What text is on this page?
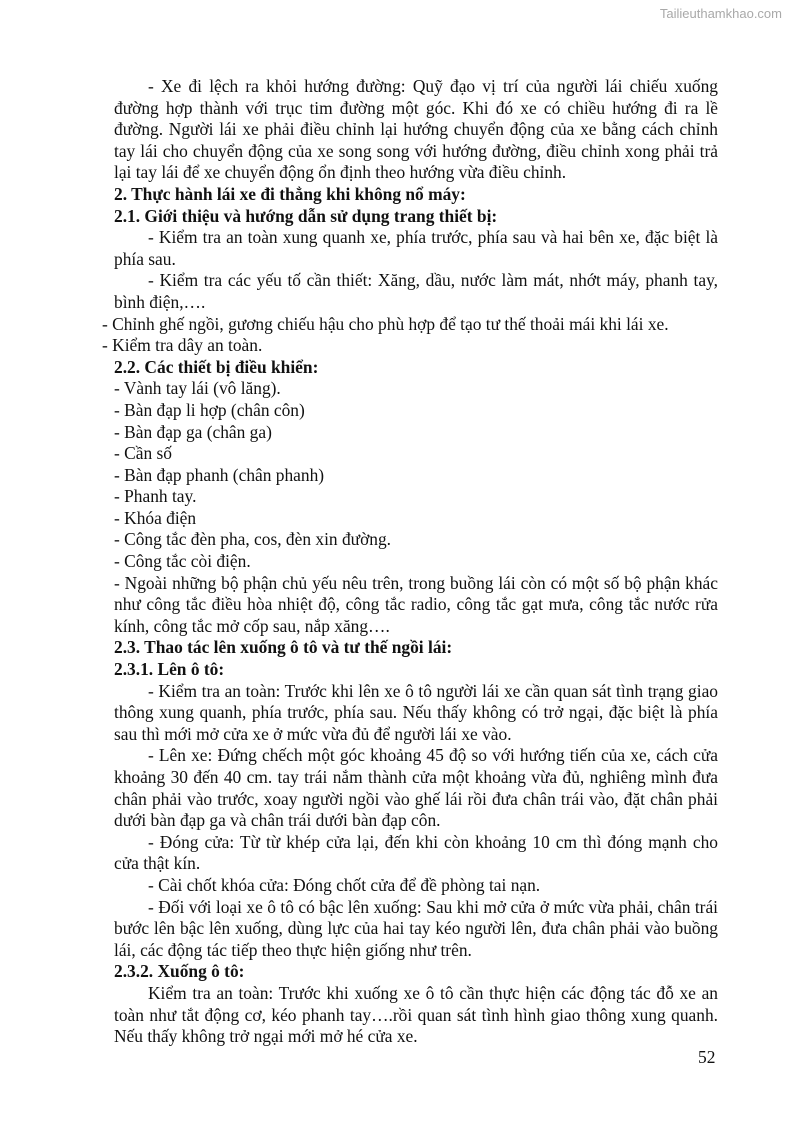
Tailieuthamkhao.com

- Xe đi lệch ra khỏi hướng đường: Quỹ đạo vị trí của người lái chiếu xuống đường hợp thành với trục tim đường một góc. Khi đó xe có chiều hướng đi ra lề đường. Người lái xe phải điều chỉnh lại hướng chuyển động của xe bằng cách chỉnh tay lái cho chuyển động của xe song song với hướng đường, điều chỉnh xong phải trả lại tay lái để xe chuyển động ổn định theo hướng vừa điều chỉnh.

2. Thực hành lái xe đi thẳng khi không nổ máy:

2.1. Giới thiệu và hướng dẫn sử dụng trang thiết bị:

- Kiểm tra an toàn xung quanh xe, phía trước, phía sau và hai bên xe, đặc biệt là phía sau.

- Kiểm tra các yếu tố cần thiết: Xăng, dầu, nước làm mát, nhớt máy, phanh tay, bình điện,….

- Chỉnh ghế ngồi, gương chiếu hậu cho phù hợp để tạo tư thế thoải mái khi lái xe.

- Kiểm tra dây an toàn.

2.2. Các thiết bị điều khiển:

- Vành tay lái (vô lăng).

- Bàn đạp li hợp (chân côn)

- Bàn đạp ga (chân ga)

- Cần số

- Bàn đạp phanh (chân phanh)

- Phanh tay.

- Khóa điện

- Công tắc đèn pha, cos, đèn xin đường.

- Công tắc còi điện.

- Ngoài những bộ phận chủ yếu nêu trên, trong buồng lái còn có một số bộ phận khác như công tắc điều hòa nhiệt độ, công tắc radio, công tắc gạt mưa, công tắc nước rửa kính, công tắc mở cốp sau, nắp xăng….

2.3. Thao tác lên xuống ô tô và tư thế ngồi lái:

2.3.1. Lên ô tô:

- Kiểm tra an toàn: Trước khi lên xe ô tô người lái xe cần quan sát tình trạng giao thông xung quanh, phía trước, phía sau. Nếu thấy không có trở ngại, đặc biệt là phía sau thì mới mở cửa xe ở mức vừa đủ để người lái xe vào.

- Lên xe: Đứng chếch một góc khoảng 45 độ so với hướng tiến của xe, cách cửa khoảng 30 đến 40 cm. tay trái nắm thành cửa một khoảng vừa đủ, nghiêng mình đưa chân phải vào trước, xoay người ngồi vào ghế lái rồi đưa chân trái vào, đặt chân phải dưới bàn đạp ga và chân trái dưới bàn đạp côn.

- Đóng cửa: Từ từ khép cửa lại, đến khi còn khoảng 10 cm thì đóng mạnh cho cửa thật kín.

- Cài chốt khóa cửa: Đóng chốt cửa để đề phòng tai nạn.

- Đối với loại xe ô tô có bậc lên xuống: Sau khi mở cửa ở mức vừa phải, chân trái bước lên bậc lên xuống, dùng lực của hai tay kéo người lên, đưa chân phải vào buồng lái, các động tác tiếp theo thực hiện giống như trên.

2.3.2. Xuống ô tô:

Kiểm tra an toàn: Trước khi xuống xe ô tô cần thực hiện các động tác đỗ xe an toàn như tắt động cơ, kéo phanh tay….rồi quan sát tình hình giao thông xung quanh. Nếu thấy không trở ngại mới mở hé cửa xe.

52
